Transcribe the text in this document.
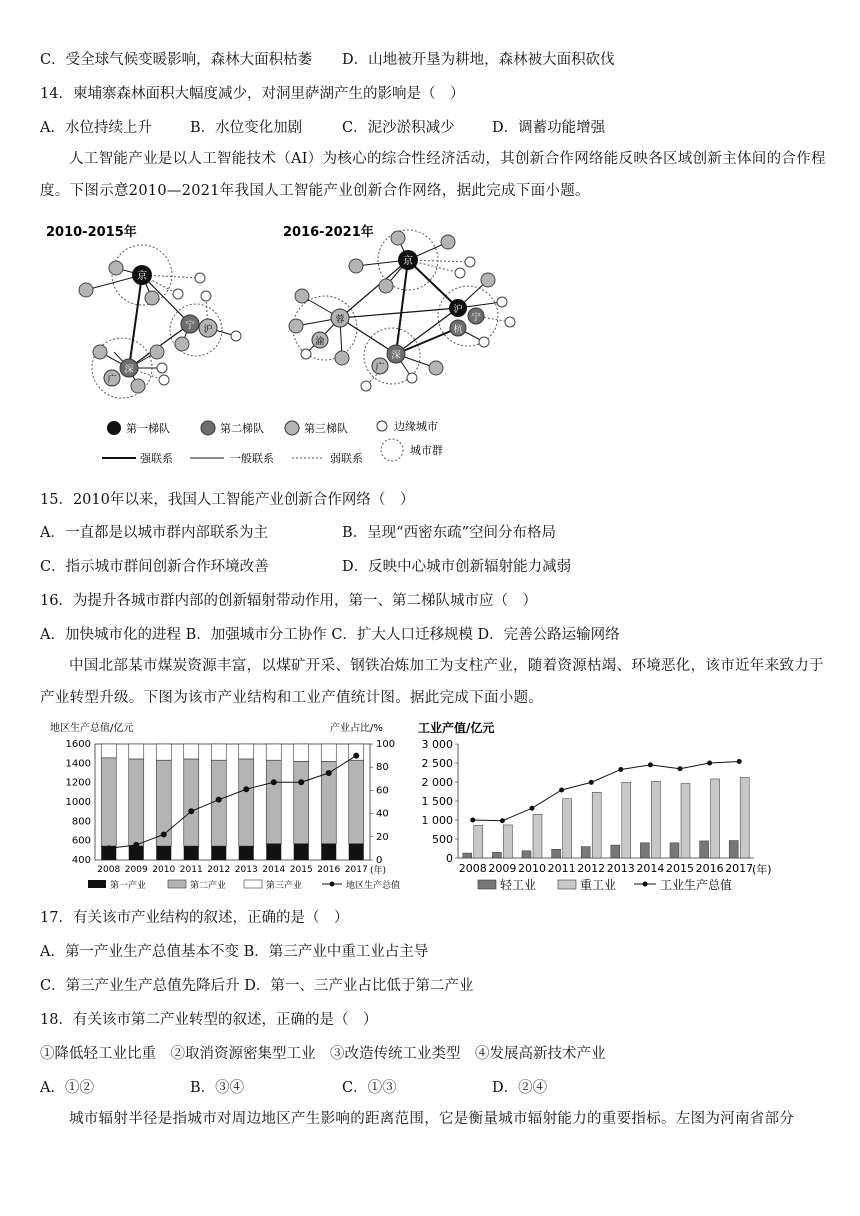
C．受全球气候变暖影响，森林大面积枯萎 D．山地被开垦为耕地，森林被大面积砍伐
14．柬埔寨森林面积大幅度减少，对洞里萨湖产生的影响是（　）
A．水位持续上升	B．水位变化加剧	C．泥沙淤积减少	D．调蓄功能增强
人工智能产业是以人工智能技术（AI）为核心的综合性经济活动，其创新合作网络能反映各区域创新主体间的合作程度。下图示意2010—2021年我国人工智能产业创新合作网络，据此完成下面小题。
2010-2015年	2016-2021年
京
宁 沪
深
广
京
蓉
渝
沪
宁
杭
深
广
第一梯队	第二梯队	第三梯队	边缘城市
强联系	一般联系	弱联系
城市群
15．2010年以来，我国人工智能产业创新合作网络（　）
A．一直都是以城市群内部联系为主	B．呈现“西密东疏”空间分布格局
C．指示城市群间创新合作环境改善	D．反映中心城市创新辐射能力减弱
16．为提升各城市群内部的创新辐射带动作用，第一、第二梯队城市应（　）
A．加快城市化的进程 B．加强城市分工协作 C．扩大人口迁移规模 D．完善公路运输网络
中国北部某市煤炭资源丰富，以煤矿开采、钢铁冶炼加工为支柱产业，随着资源枯竭、环境恶化，该市近年来致力于产业转型升级。下图为该市产业结构和工业产值统计图。据此完成下面小题。
地区生产总值/亿元	产业占比/%
(年)
1600
1400
1200
1000
800
600
400
100
80
60
40
20
0
2008 2009 2010 2011 2012 2013 2014 2015 2016 2017
第一产业	第二产业	第三产业	地区生产总值
工业产值/亿元
(年)
3 000
2 500
2 000
1 500
1 000
500
0
2008 2009 2010 2011 2012 2013 2014 2015 2016 2017
轻工业	重工业	工业生产总值
17．有关该市产业结构的叙述，正确的是（　）
A．第一产业生产总值基本不变 B．第三产业中重工业占主导
C．第三产业生产总值先降后升 D．第一、三产业占比低于第二产业
18．有关该市第二产业转型的叙述，正确的是（　）
①降低轻工业比重　②取消资源密集型工业　③改造传统工业类型　④发展高新技术产业
A．①②	B．③④	C．①③	D．②④
城市辐射半径是指城市对周边地区产生影响的距离范围，它是衡量城市辐射能力的重要指标。左图为河南省部分
